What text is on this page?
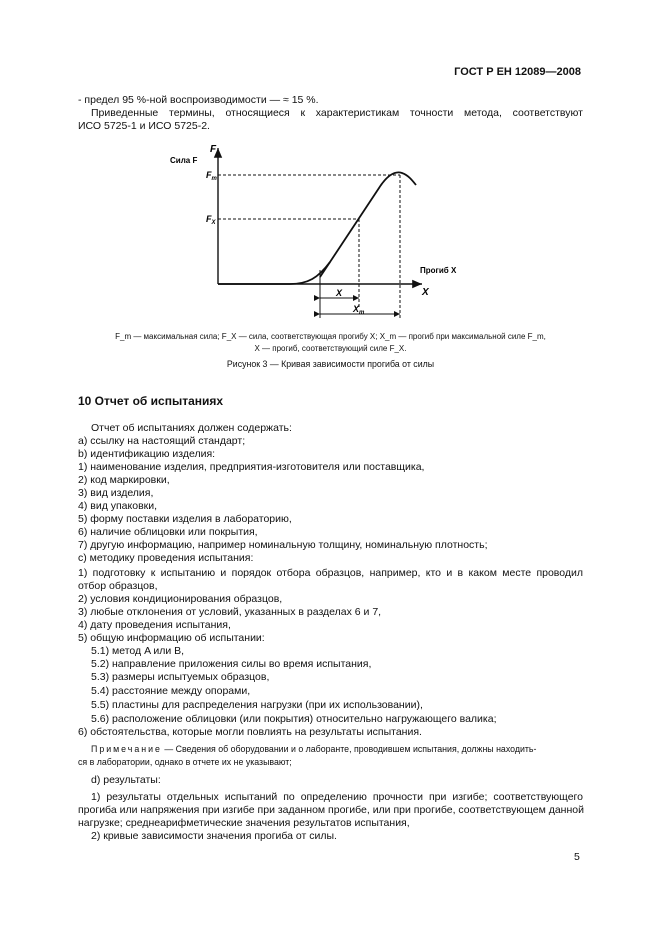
ГОСТ Р ЕН 12089—2008
- предел 95 %-ной воспроизводимости — ≈ 15 %.
Приведенные термины, относящиеся к характеристикам точности метода, соответствуют
ИСО 5725-1 и ИСО 5725-2.
F
Сила F
Прогиб X
X
$F_m$
$F_X$
X
$X_m$
F_m — максимальная сила; F_X — сила, соответствующая прогибу X; X_m — прогиб при максимальной силе F_m,
X — прогиб, соответствующий силе F_X.
Рисунок 3 — Кривая зависимости прогиба от силы
10 Отчет об испытаниях
Отчет об испытаниях должен содержать:
а) ссылку на настоящий стандарт;
b) идентификацию изделия:
1) наименование изделия, предприятия-изготовителя или поставщика,
2) код маркировки,
3) вид изделия,
4) вид упаковки,
5) форму поставки изделия в лабораторию,
6) наличие облицовки или покрытия,
7) другую информацию, например номинальную толщину, номинальную плотность;
с) методику проведения испытания:
1) подготовку к испытанию и порядок отбора образцов, например, кто и в каком месте проводил
отбор образцов,
2) условия кондиционирования образцов,
3) любые отклонения от условий, указанных в разделах 6 и 7,
4) дату проведения испытания,
5) общую информацию об испытании:
5.1) метод A или B,
5.2) направление приложения силы во время испытания,
5.3) размеры испытуемых образцов,
5.4) расстояние между опорами,
5.5) пластины для распределения нагрузки (при их использовании),
5.6) расположение облицовки (или покрытия) относительно нагружающего валика;
6) обстоятельства, которые могли повлиять на результаты испытания.
Примечание — Сведения об оборудовании и о лаборанте, проводившем испытания, должны находить-
ся в лаборатории, однако в отчете их не указывают;
d) результаты:
1) результаты отдельных испытаний по определению прочности при изгибе; соответствующего
прогиба или напряжения при изгибе при заданном прогибе, или при прогибе, соответствующем данной
нагрузке; среднеарифметические значения результатов испытания,
2) кривые зависимости значения прогиба от силы.
5
